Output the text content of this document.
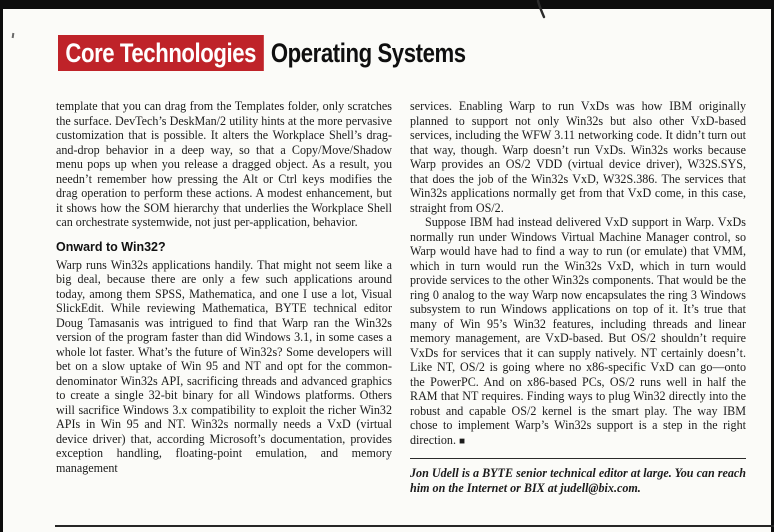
Core Technologies Operating Systems

template that you can drag from the Templates folder, only scratches the surface. DevTech’s DeskMan/2 utility hints at the more pervasive customization that is possible. It alters the Workplace Shell’s drag-and-drop behavior in a deep way, so that a Copy/Move/Shadow menu pops up when you release a dragged object. As a result, you needn’t remember how pressing the Alt or Ctrl keys modifies the drag operation to perform these actions. A modest enhancement, but it shows how the SOM hierarchy that underlies the Workplace Shell can orchestrate systemwide, not just per-application, behavior.

Onward to Win32?

Warp runs Win32s applications handily. That might not seem like a big deal, because there are only a few such applications around today, among them SPSS, Mathematica, and one I use a lot, Visual SlickEdit. While reviewing Mathematica, BYTE technical editor Doug Tamasanis was intrigued to find that Warp ran the Win32s version of the program faster than did Windows 3.1, in some cases a whole lot faster. What’s the future of Win32s? Some developers will bet on a slow uptake of Win 95 and NT and opt for the common-denominator Win32s API, sacrificing threads and advanced graphics to create a single 32-bit binary for all Windows platforms. Others will sacrifice Windows 3.x compatibility to exploit the richer Win32 APIs in Win 95 and NT. Win32s normally needs a VxD (virtual device driver) that, according Microsoft’s documentation, provides exception handling, floating-point emulation, and memory management

services. Enabling Warp to run VxDs was how IBM originally planned to support not only Win32s but also other VxD-based services, including the WFW 3.11 networking code. It didn’t turn out that way, though. Warp doesn’t run VxDs. Win32s works because Warp provides an OS/2 VDD (virtual device driver), W32S.SYS, that does the job of the Win32s VxD, W32S.386. The services that Win32s applications normally get from that VxD come, in this case, straight from OS/2.

Suppose IBM had instead delivered VxD support in Warp. VxDs normally run under Windows Virtual Machine Manager control, so Warp would have had to find a way to run (or emulate) that VMM, which in turn would run the Win32s VxD, which in turn would provide services to the other Win32s components. That would be the ring 0 analog to the way Warp now encapsulates the ring 3 Windows subsystem to run Windows applications on top of it. It’s true that many of Win 95’s Win32 features, including threads and linear memory management, are VxD-based. But OS/2 shouldn’t require VxDs for services that it can supply natively. NT certainly doesn’t. Like NT, OS/2 is going where no x86-specific VxD can go—onto the PowerPC. And on x86-based PCs, OS/2 runs well in half the RAM that NT requires. Finding ways to plug Win32 directly into the robust and capable OS/2 kernel is the smart play. The way IBM chose to implement Warp’s Win32s support is a step in the right direction. ■

Jon Udell is a BYTE senior technical editor at large. You can reach him on the Internet or BIX at judell@bix.com.
